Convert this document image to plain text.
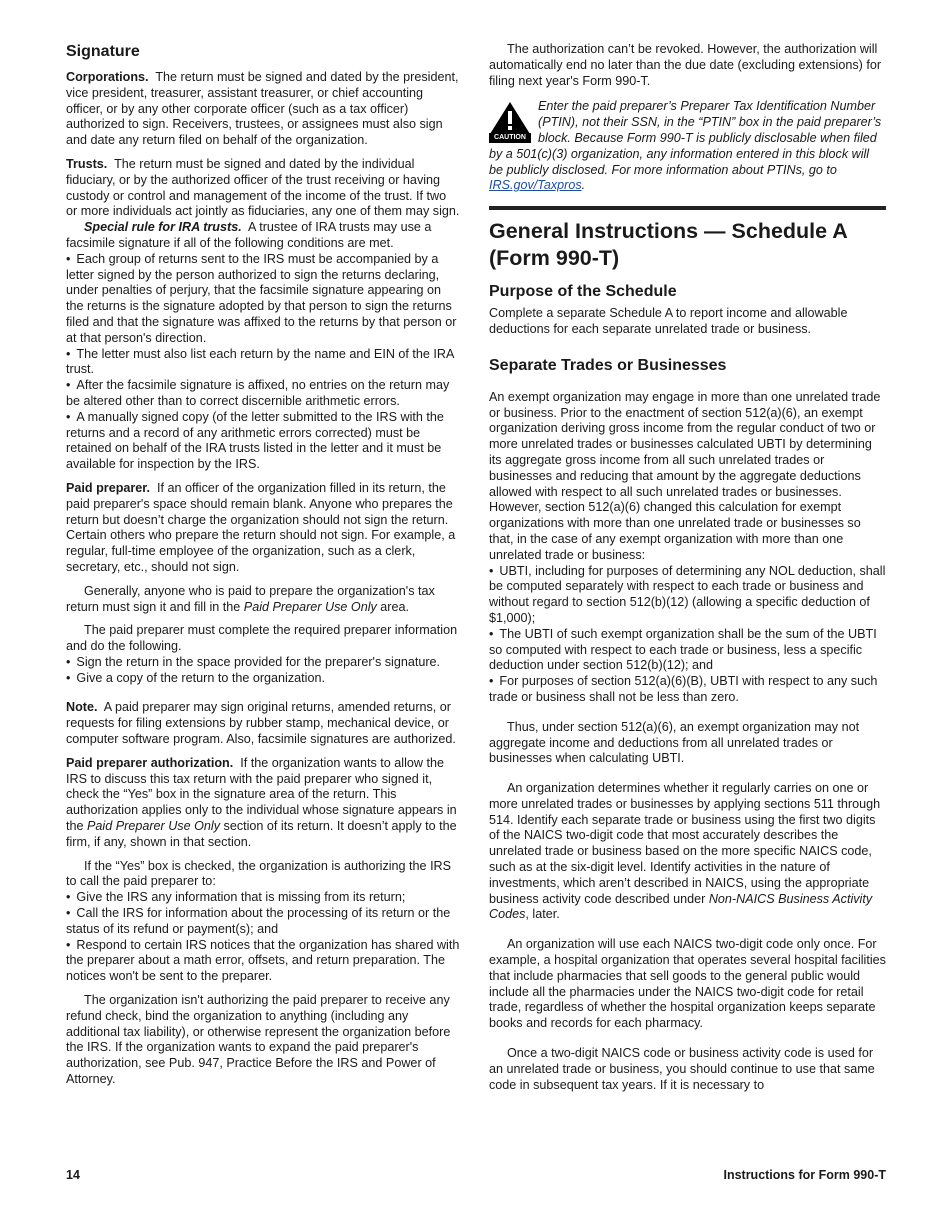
Signature

Corporations. The return must be signed and dated by the president, vice president, treasurer, assistant treasurer, or chief accounting officer, or by any other corporate officer (such as a tax officer) authorized to sign. Receivers, trustees, or assignees must also sign and date any return filed on behalf of the organization.

Trusts. The return must be signed and dated by the individual fiduciary, or by the authorized officer of the trust receiving or having custody or control and management of the income of the trust. If two or more individuals act jointly as fiduciaries, any one of them may sign.

Special rule for IRA trusts. A trustee of IRA trusts may use a facsimile signature if all of the following conditions are met.

• Each group of returns sent to the IRS must be accompanied by a letter signed by the person authorized to sign the returns declaring, under penalties of perjury, that the facsimile signature appearing on the returns is the signature adopted by that person to sign the returns filed and that the signature was affixed to the returns by that person or at that person's direction.

• The letter must also list each return by the name and EIN of the IRA trust.

• After the facsimile signature is affixed, no entries on the return may be altered other than to correct discernible arithmetic errors.

• A manually signed copy (of the letter submitted to the IRS with the returns and a record of any arithmetic errors corrected) must be retained on behalf of the IRA trusts listed in the letter and it must be available for inspection by the IRS.

Paid preparer. If an officer of the organization filled in its return, the paid preparer's space should remain blank. Anyone who prepares the return but doesn’t charge the organization should not sign the return. Certain others who prepare the return should not sign. For example, a regular, full-time employee of the organization, such as a clerk, secretary, etc., should not sign.

Generally, anyone who is paid to prepare the organization's tax return must sign it and fill in the Paid Preparer Use Only area.

The paid preparer must complete the required preparer information and do the following.

• Sign the return in the space provided for the preparer's signature.

• Give a copy of the return to the organization.

Note. A paid preparer may sign original returns, amended returns, or requests for filing extensions by rubber stamp, mechanical device, or computer software program. Also, facsimile signatures are authorized.

Paid preparer authorization. If the organization wants to allow the IRS to discuss this tax return with the paid preparer who signed it, check the “Yes” box in the signature area of the return. This authorization applies only to the individual whose signature appears in the Paid Preparer Use Only section of its return. It doesn’t apply to the firm, if any, shown in that section.

If the “Yes” box is checked, the organization is authorizing the IRS to call the paid preparer to:

• Give the IRS any information that is missing from its return;

• Call the IRS for information about the processing of its return or the status of its refund or payment(s); and

• Respond to certain IRS notices that the organization has shared with the preparer about a math error, offsets, and return preparation. The notices won't be sent to the preparer.

The organization isn't authorizing the paid preparer to receive any refund check, bind the organization to anything (including any additional tax liability), or otherwise represent the organization before the IRS. If the organization wants to expand the paid preparer's authorization, see Pub. 947, Practice Before the IRS and Power of Attorney.

The authorization can’t be revoked. However, the authorization will automatically end no later than the due date (excluding extensions) for filing next year's Form 990-T.

CAUTION
Enter the paid preparer’s Preparer Tax Identification Number (PTIN), not their SSN, in the “PTIN” box in the paid preparer’s block. Because Form 990-T is publicly disclosable when filed by a 501(c)(3) organization, any information entered in this block will be publicly disclosed. For more information about PTINs, go to IRS.gov/Taxpros.
General Instructions — Schedule A (Form 990-T)
Purpose of the Schedule

Complete a separate Schedule A to report income and allowable deductions for each separate unrelated trade or business.

Separate Trades or Businesses

An exempt organization may engage in more than one unrelated trade or business. Prior to the enactment of section 512(a)(6), an exempt organization deriving gross income from the regular conduct of two or more unrelated trades or businesses calculated UBTI by determining its aggregate gross income from all such unrelated trades or businesses and reducing that amount by the aggregate deductions allowed with respect to all such unrelated trades or businesses. However, section 512(a)(6) changed this calculation for exempt organizations with more than one unrelated trade or businesses so that, in the case of any exempt organization with more than one unrelated trade or business:

• UBTI, including for purposes of determining any NOL deduction, shall be computed separately with respect to each trade or business and without regard to section 512(b)(12) (allowing a specific deduction of $1,000);

• The UBTI of such exempt organization shall be the sum of the UBTI so computed with respect to each trade or business, less a specific deduction under section 512(b)(12); and

• For purposes of section 512(a)(6)(B), UBTI with respect to any such trade or business shall not be less than zero.

Thus, under section 512(a)(6), an exempt organization may not aggregate income and deductions from all unrelated trades or businesses when calculating UBTI.

An organization determines whether it regularly carries on one or more unrelated trades or businesses by applying sections 511 through 514. Identify each separate trade or business using the first two digits of the NAICS two-digit code that most accurately describes the unrelated trade or business based on the more specific NAICS code, such as at the six-digit level. Identify activities in the nature of investments, which aren’t described in NAICS, using the appropriate business activity code described under Non-NAICS Business Activity Codes, later.

An organization will use each NAICS two-digit code only once. For example, a hospital organization that operates several hospital facilities that include pharmacies that sell goods to the general public would include all the pharmacies under the NAICS two-digit code for retail trade, regardless of whether the hospital organization keeps separate books and records for each pharmacy.

Once a two-digit NAICS code or business activity code is used for an unrelated trade or business, you should continue to use that same code in subsequent tax years. If it is necessary to

14	Instructions for Form 990-T
